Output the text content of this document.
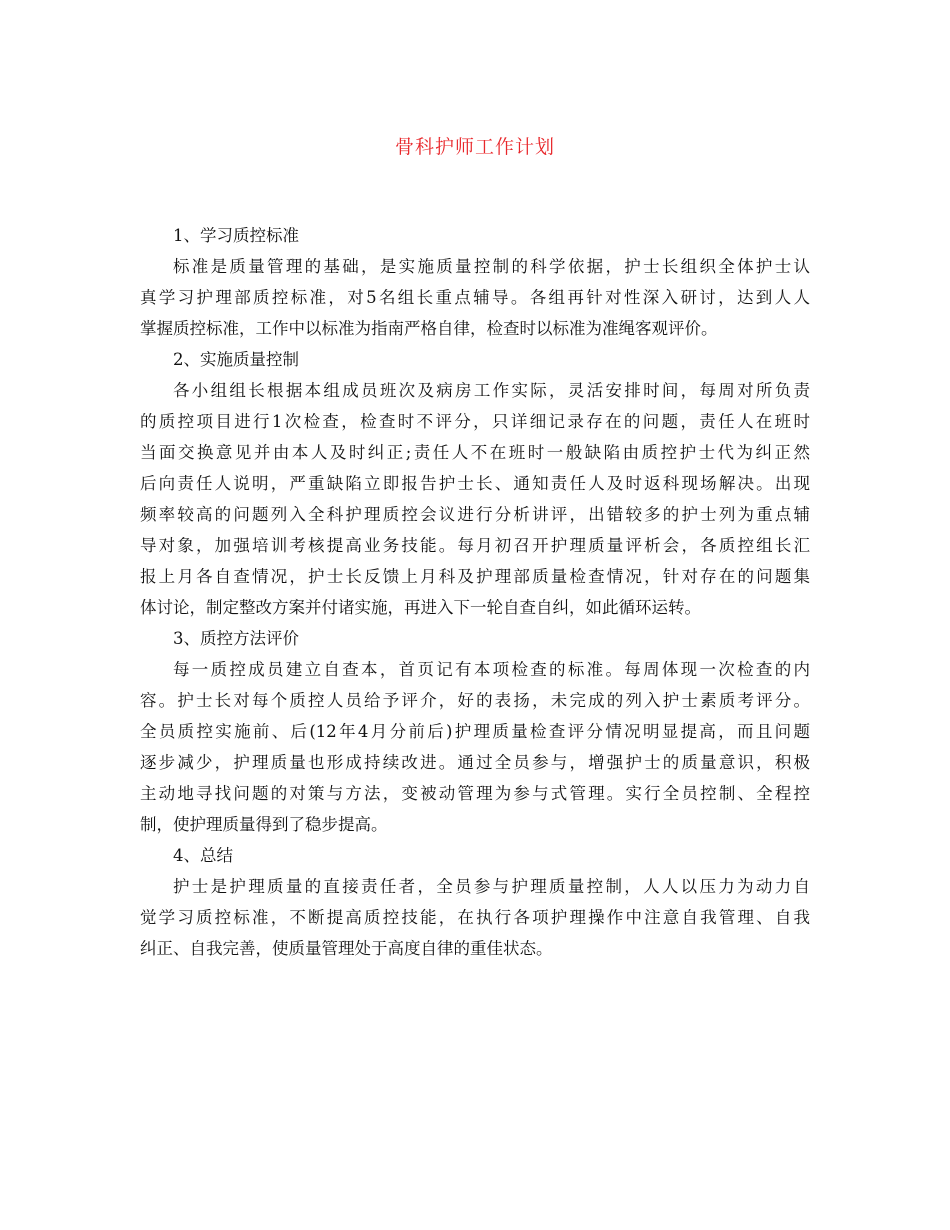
骨科护师工作计划
1、学习质控标准
标准是质量管理的基础，是实施质量控制的科学依据，护士长组织全体护士认
真学习护理部质控标准，对5名组长重点辅导。各组再针对性深入研讨，达到人人
掌握质控标准，工作中以标准为指南严格自律，检查时以标准为准绳客观评价。
2、实施质量控制
各小组组长根据本组成员班次及病房工作实际，灵活安排时间，每周对所负责
的质控项目进行1次检查，检查时不评分，只详细记录存在的问题，责任人在班时
当面交换意见并由本人及时纠正;责任人不在班时一般缺陷由质控护士代为纠正然
后向责任人说明，严重缺陷立即报告护士长、通知责任人及时返科现场解决。出现
频率较高的问题列入全科护理质控会议进行分析讲评，出错较多的护士列为重点辅
导对象，加强培训考核提高业务技能。每月初召开护理质量评析会，各质控组长汇
报上月各自查情况，护士长反馈上月科及护理部质量检查情况，针对存在的问题集
体讨论，制定整改方案并付诸实施，再进入下一轮自查自纠，如此循环运转。
3、质控方法评价
每一质控成员建立自查本，首页记有本项检查的标准。每周体现一次检查的内
容。护士长对每个质控人员给予评介，好的表扬，未完成的列入护士素质考评分。
全员质控实施前、后(12年4月分前后)护理质量检查评分情况明显提高，而且问题
逐步减少，护理质量也形成持续改进。通过全员参与，增强护士的质量意识，积极
主动地寻找问题的对策与方法，变被动管理为参与式管理。实行全员控制、全程控
制，使护理质量得到了稳步提高。
4、总结
护士是护理质量的直接责任者，全员参与护理质量控制，人人以压力为动力自
觉学习质控标准，不断提高质控技能，在执行各项护理操作中注意自我管理、自我
纠正、自我完善，使质量管理处于高度自律的重佳状态。
